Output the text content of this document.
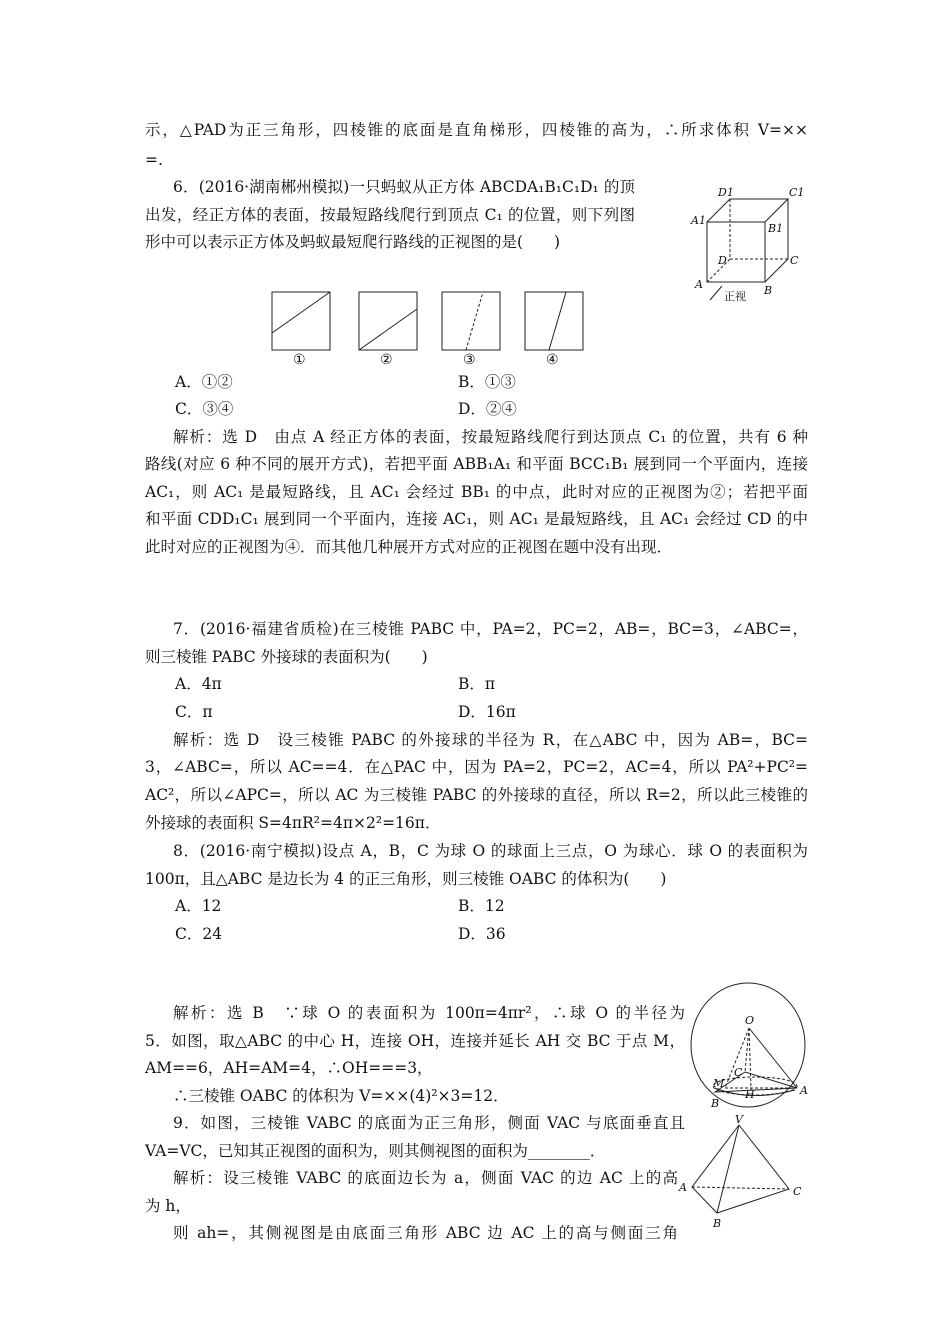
示，△PAD为正三角形，四棱锥的底面是直角梯形，四棱锥的高为，∴所求体积 V=××
=.
6．(2016·湖南郴州模拟)一只蚂蚁从正方体 ABCDA₁B₁C₁D₁ 的顶
出发，经正方体的表面，按最短路线爬行到顶点 C₁ 的位置，则下列图
形中可以表示正方体及蚂蚁最短爬行路线的正视图的是(　　)
A．①②	B．①③
C．③④	D．②④
解析：选 D　由点 A 经正方体的表面，按最短路线爬行到达顶点 C₁ 的位置，共有 6 种
路线(对应 6 种不同的展开方式)，若把平面 ABB₁A₁ 和平面 BCC₁B₁ 展到同一个平面内，连接
AC₁，则 AC₁ 是最短路线，且 AC₁ 会经过 BB₁ 的中点，此时对应的正视图为②；若把平面
和平面 CDD₁C₁ 展到同一个平面内，连接 AC₁，则 AC₁ 是最短路线，且 AC₁ 会经过 CD 的中
此时对应的正视图为④．而其他几种展开方式对应的正视图在题中没有出现．
7．(2016·福建省质检)在三棱锥 PABC 中，PA=2，PC=2，AB=，BC=3，∠ABC=，
则三棱锥 PABC 外接球的表面积为(　　)
A．4π	B．π
C．π	D．16π
解析：选 D　设三棱锥 PABC 的外接球的半径为 R，在△ABC 中，因为 AB=，BC=
3，∠ABC=，所以 AC==4．在△PAC 中，因为 PA=2，PC=2，AC=4，所以 PA²+PC²=
AC²，所以∠APC=，所以 AC 为三棱锥 PABC 的外接球的直径，所以 R=2，所以此三棱锥的
外接球的表面积 S=4πR²=4π×2²=16π．
8．(2016·南宁模拟)设点 A，B，C 为球 O 的球面上三点，O 为球心．球 O 的表面积为
100π，且△ABC 是边长为 4 的正三角形，则三棱锥 OABC 的体积为(　　)
A．12	B．12
C．24	D．36
解析：选 B　∵球 O 的表面积为 100π=4πr²，∴球 O 的半径为
5．如图，取△ABC 的中心 H，连接 OH，连接并延长 AH 交 BC 于点 M，
AM==6，AH=AM=4，∴OH===3，
∴三棱锥 OABC 的体积为 V=××(4)²×3=12．
9．如图，三棱锥 VABC 的底面为正三角形，侧面 VAC 与底面垂直且
VA=VC，已知其正视图的面积为，则其侧视图的面积为________．
解析：设三棱锥 VABC 的底面边长为 a，侧面 VAC 的边 AC 上的高
为 h，
则 ah=，其侧视图是由底面三角形 ABC 边 AC 上的高与侧面三角
D1	C1
A1
B1
D	C
A	B
正视
①	②	③	④
O
C
M
H	A
B
V
A	C
B
